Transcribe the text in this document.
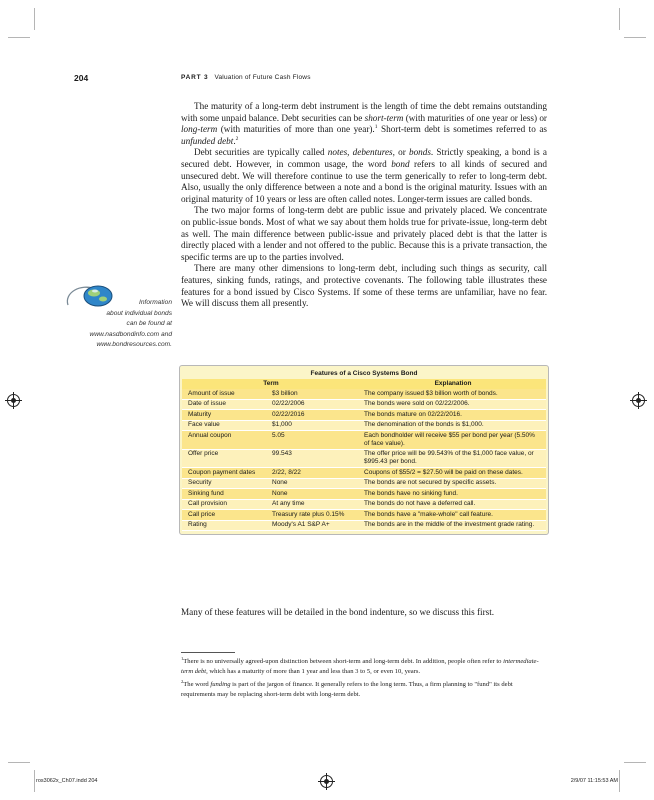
204	PART 3 Valuation of Future Cash Flows

The maturity of a long-term debt instrument is the length of time the debt remains outstanding with some unpaid balance. Debt securities can be short-term (with maturities of one year or less) or long-term (with maturities of more than one year).$^1$ Short-term debt is sometimes referred to as unfunded debt.$^2$

Debt securities are typically called notes, debentures, or bonds. Strictly speaking, a bond is a secured debt. However, in common usage, the word bond refers to all kinds of secured and unsecured debt. We will therefore continue to use the term generically to refer to long-term debt. Also, usually the only difference between a note and a bond is the original maturity. Issues with an original maturity of 10 years or less are often called notes. Longer-term issues are called bonds.

The two major forms of long-term debt are public issue and privately placed. We concentrate on public-issue bonds. Most of what we say about them holds true for private-issue, long-term debt as well. The main difference between public-issue and privately placed debt is that the latter is directly placed with a lender and not offered to the public. Because this is a private transaction, the specific terms are up to the parties involved.

There are many other dimensions to long-term debt, including such things as security, call features, sinking funds, ratings, and protective covenants. The following table illustrates these features for a bond issued by Cisco Systems. If some of these terms are unfamiliar, have no fear. We will discuss them all presently.

Information
about individual bonds
can be found at
www.nasdbondinfo.com and
www.bondresources.com.
Features of a Cisco Systems Bond
Term		Explanation
Amount of issue	$3 billion	The company issued $3 billion worth of bonds.
Date of issue	02/22/2006	The bonds were sold on 02/22/2006.
Maturity	02/22/2016	The bonds mature on 02/22/2016.
Face value	$1,000	The denomination of the bonds is $1,000.
Annual coupon	5.05	Each bondholder will receive $55 per bond per year (5.50% of face value).
Offer price	99.543	The offer price will be 99.543% of the $1,000 face value, or $995.43 per bond.
Coupon payment dates	2/22, 8/22	Coupons of $55/2 = $27.50 will be paid on these dates.
Security	None	The bonds are not secured by specific assets.
Sinking fund	None	The bonds have no sinking fund.
Call provision	At any time	The bonds do not have a deferred call.
Call price	Treasury rate plus 0.15%	The bonds have a "make-whole" call feature.
Rating	Moody's A1 S&P A+	The bonds are in the middle of the investment grade rating.
Many of these features will be detailed in the bond indenture, so we discuss this first.

$^1$There is no universally agreed-upon distinction between short-term and long-term debt. In addition, people often refer to intermediate-term debt, which has a maturity of more than 1 year and less than 3 to 5, or even 10, years.

$^2$The word funding is part of the jargon of finance. It generally refers to the long term. Thus, a firm planning to "fund" its debt requirements may be replacing short-term debt with long-term debt.

ros3062x_Ch07.indd 204	2/9/07 11:15:53 AM
